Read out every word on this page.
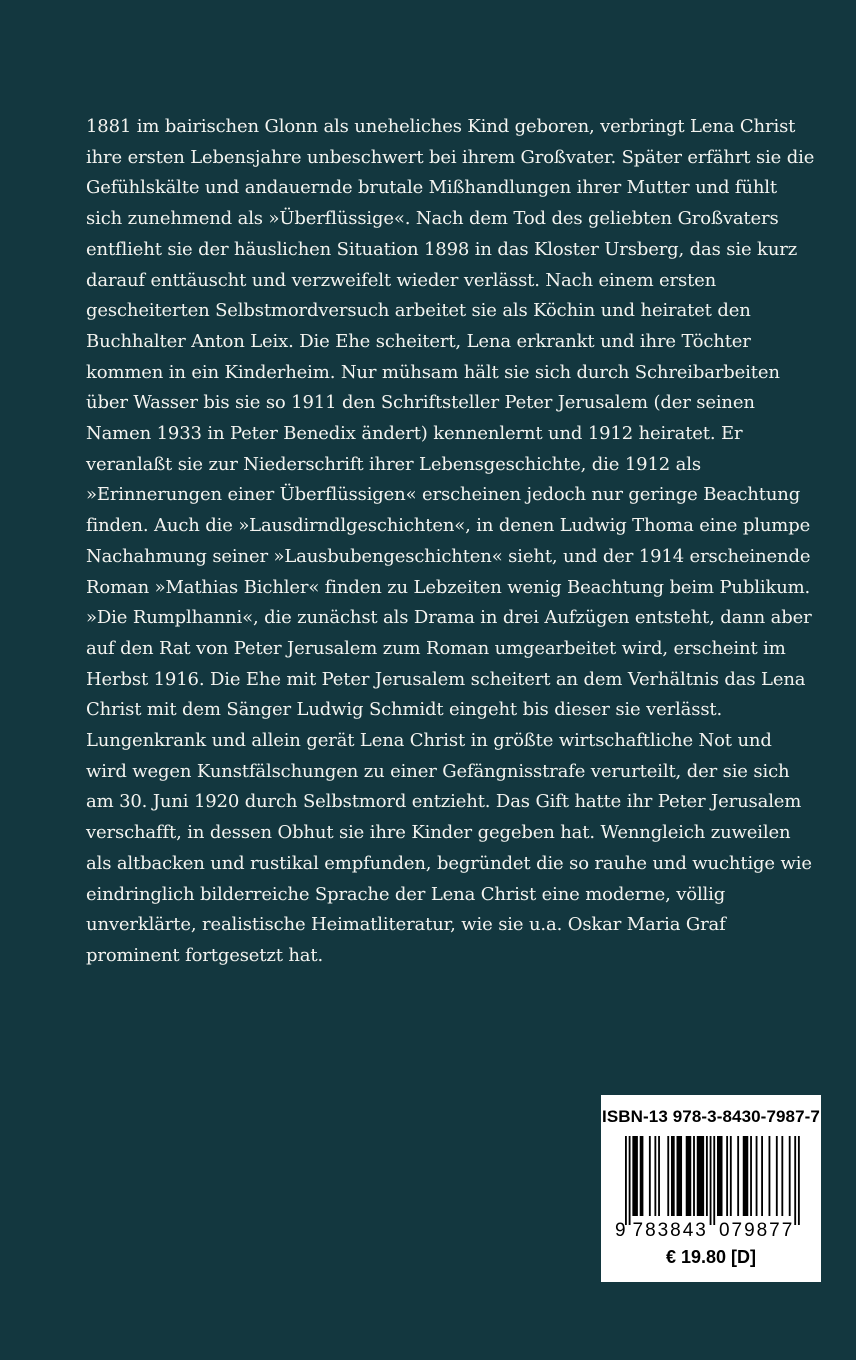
1881 im bairischen Glonn als uneheliches Kind geboren, verbringt Lena Christ ihre ersten Lebensjahre unbeschwert bei ihrem Großvater. Später erfährt sie die Gefühlskälte und andauernde brutale Mißhandlungen ihrer Mutter und fühlt sich zunehmend als »Überflüssige«. Nach dem Tod des geliebten Großvaters entflieht sie der häuslichen Situation 1898 in das Kloster Ursberg, das sie kurz darauf enttäuscht und verzweifelt wieder verlässt. Nach einem ersten gescheiterten Selbstmordversuch arbeitet sie als Köchin und heiratet den Buchhalter Anton Leix. Die Ehe scheitert, Lena erkrankt und ihre Töchter kommen in ein Kinderheim. Nur mühsam hält sie sich durch Schreibarbeiten über Wasser bis sie so 1911 den Schriftsteller Peter Jerusalem (der seinen Namen 1933 in Peter Benedix ändert) kennenlernt und 1912 heiratet. Er veranlaßt sie zur Niederschrift ihrer Lebensgeschichte, die 1912 als »Erinnerungen einer Überflüssigen« erscheinen jedoch nur geringe Beachtung finden. Auch die »Lausdirndlgeschichten«, in denen Ludwig Thoma eine plumpe Nachahmung seiner »Lausbubengeschichten« sieht, und der 1914 erscheinende Roman »Mathias Bichler« finden zu Lebzeiten wenig Beachtung beim Publikum. »Die Rumplhanni«, die zunächst als Drama in drei Aufzügen entsteht, dann aber auf den Rat von Peter Jerusalem zum Roman umgearbeitet wird, erscheint im Herbst 1916. Die Ehe mit Peter Jerusalem scheitert an dem Verhältnis das Lena Christ mit dem Sänger Ludwig Schmidt eingeht bis dieser sie verlässt. Lungenkrank und allein gerät Lena Christ in größte wirtschaftliche Not und wird wegen Kunstfälschungen zu einer Gefängnisstrafe verurteilt, der sie sich am 30. Juni 1920 durch Selbstmord entzieht. Das Gift hatte ihr Peter Jerusalem verschafft, in dessen Obhut sie ihre Kinder gegeben hat. Wenngleich zuweilen als altbacken und rustikal empfunden, begründet die so rauhe und wuchtige wie eindringlich bilderreiche Sprache der Lena Christ eine moderne, völlig unverklärte, realistische Heimatliteratur, wie sie u.a. Oskar Maria Graf prominent fortgesetzt hat.

ISBN-13 978-3-8430-7987-7
9 783843 079877
€ 19.80 [D]
